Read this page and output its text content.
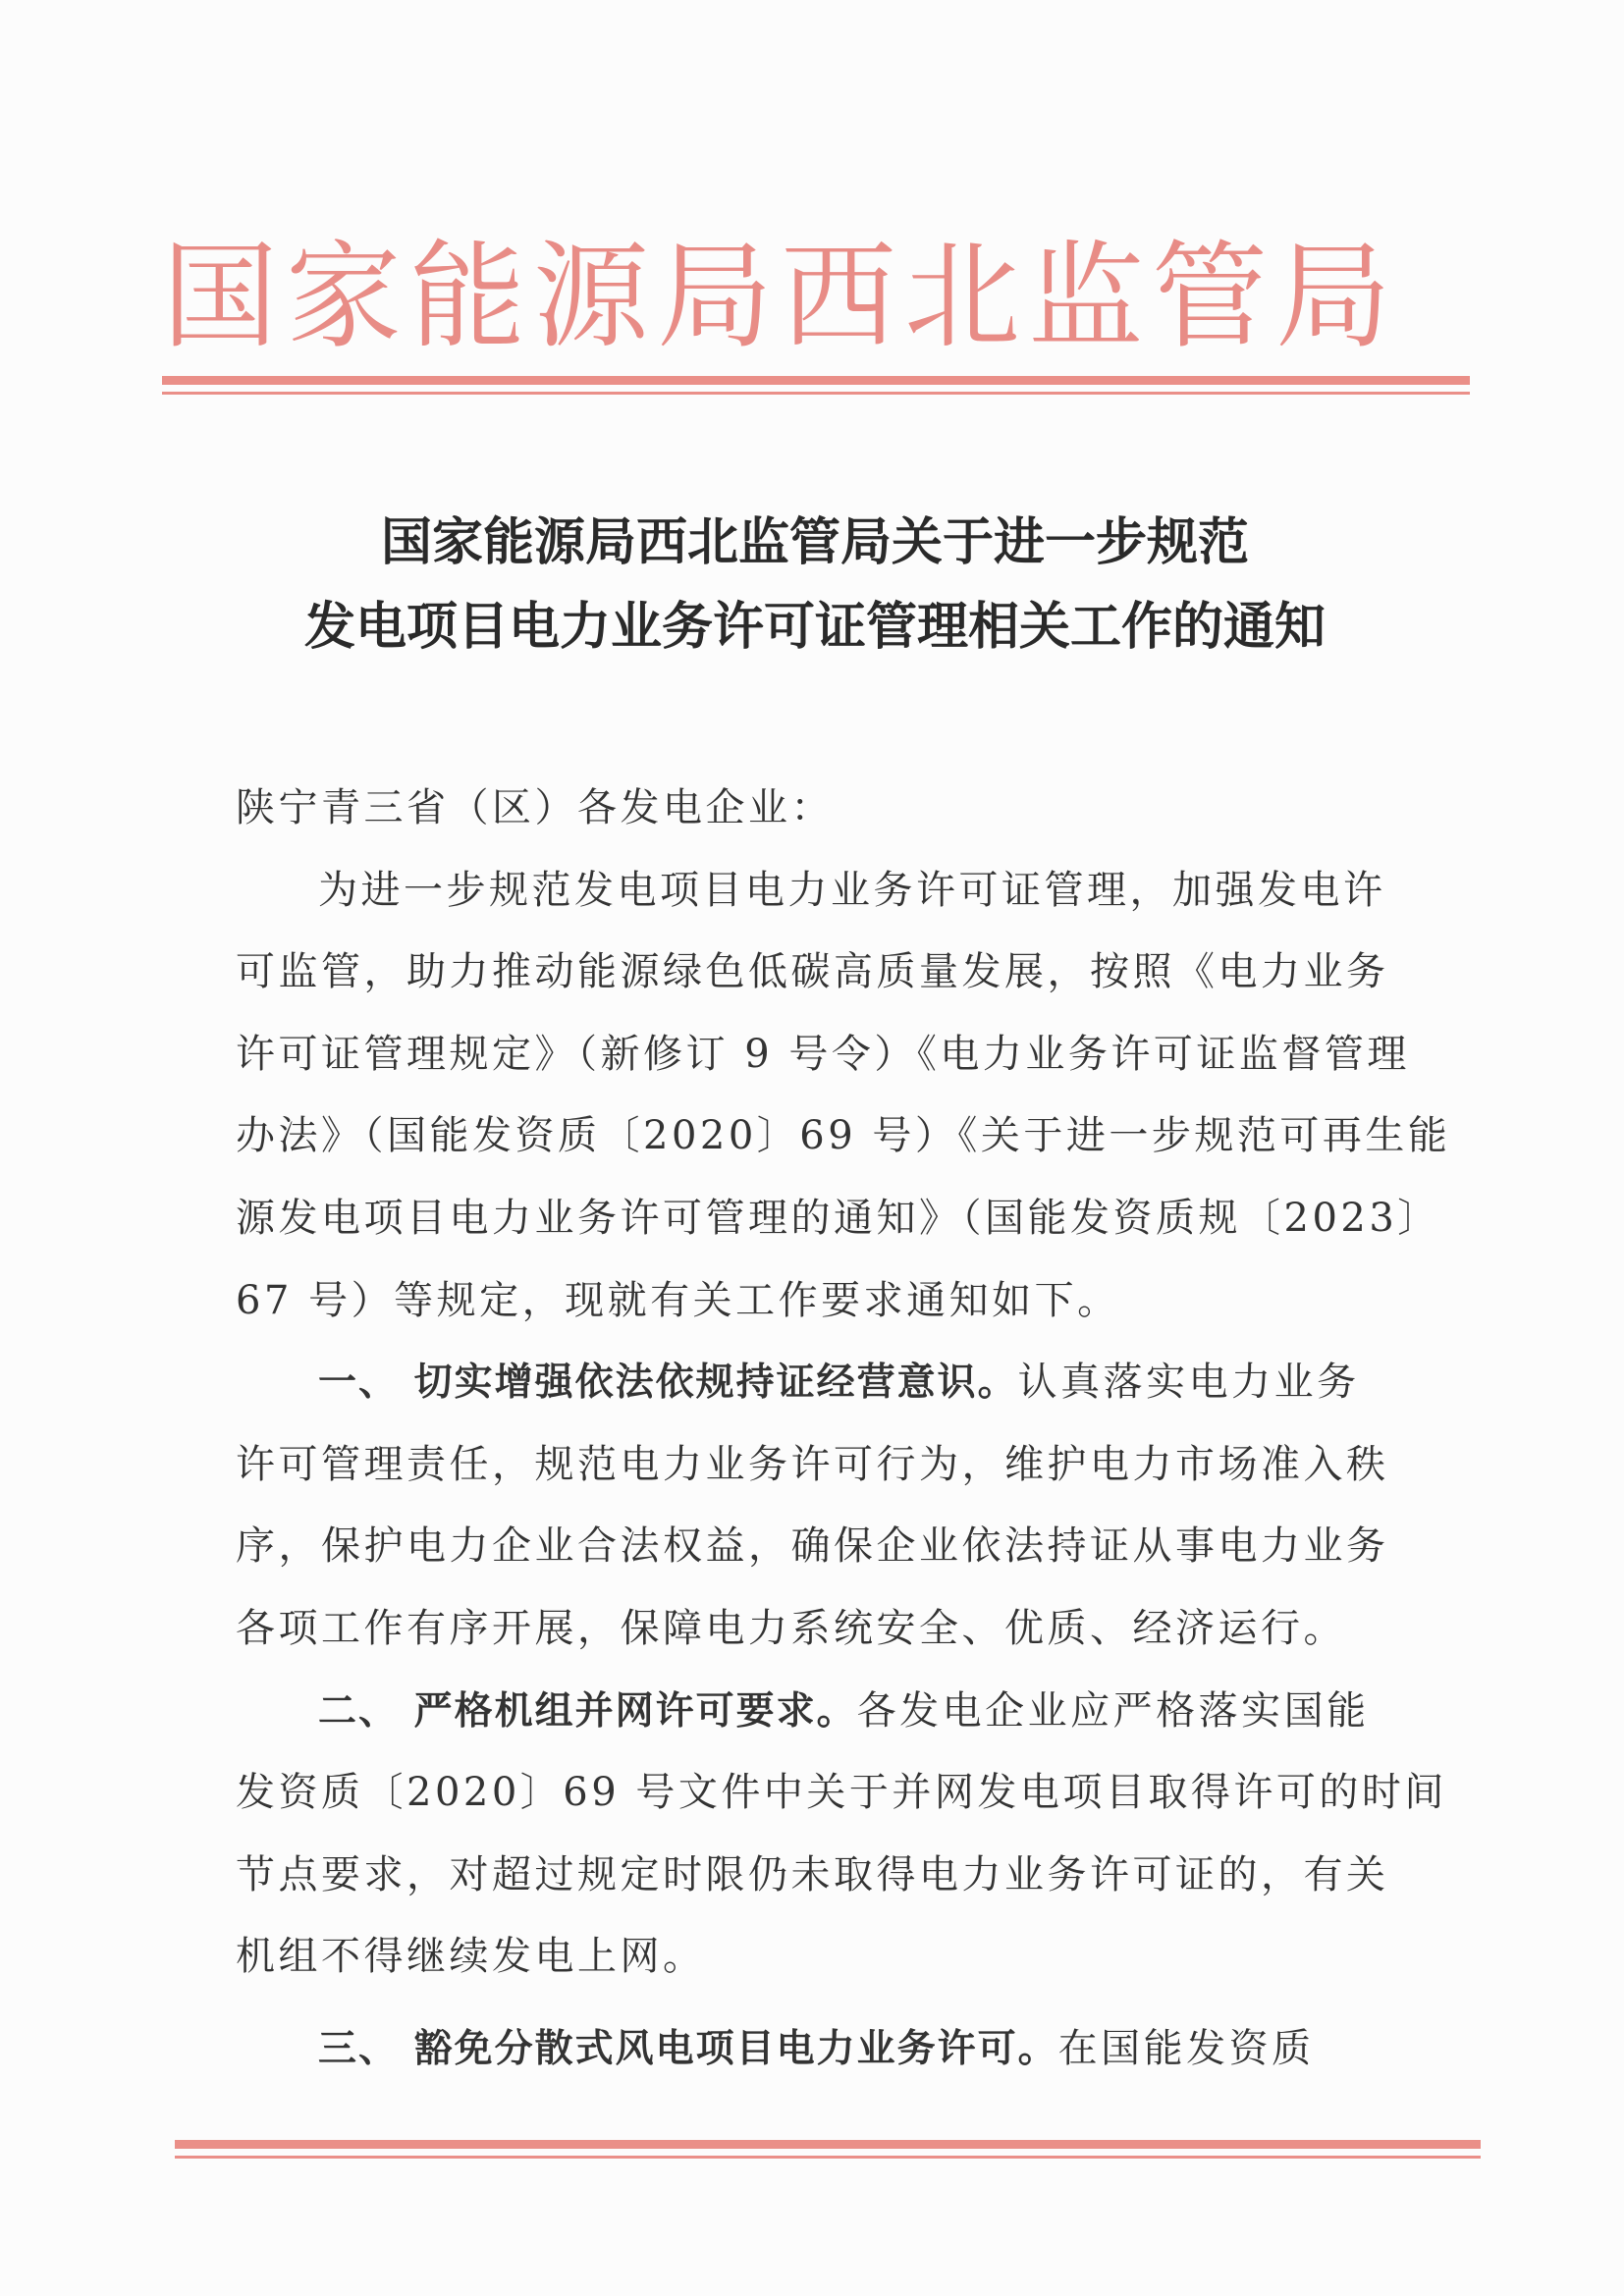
国家能源局西北监管局
国家能源局西北监管局关于进一步规范
发电项目电力业务许可证管理相关工作的通知
陕宁青三省（区）各发电企业：
为进一步规范发电项目电力业务许可证管理，加强发电许
可监管，助力推动能源绿色低碳高质量发展，按照《电力业务
许可证管理规定》（新修订 9 号令）《电力业务许可证监督管理
办法》（国能发资质〔2020〕69 号）《关于进一步规范可再生能
源发电项目电力业务许可管理的通知》（国能发资质规〔2023〕
67 号）等规定，现就有关工作要求通知如下。
一、 切实增强依法依规持证经营意识。认真落实电力业务
许可管理责任，规范电力业务许可行为，维护电力市场准入秩
序，保护电力企业合法权益，确保企业依法持证从事电力业务
各项工作有序开展，保障电力系统安全、优质、经济运行。
二、 严格机组并网许可要求。各发电企业应严格落实国能
发资质〔2020〕69 号文件中关于并网发电项目取得许可的时间
节点要求，对超过规定时限仍未取得电力业务许可证的，有关
机组不得继续发电上网。
三、 豁免分散式风电项目电力业务许可。在国能发资质
